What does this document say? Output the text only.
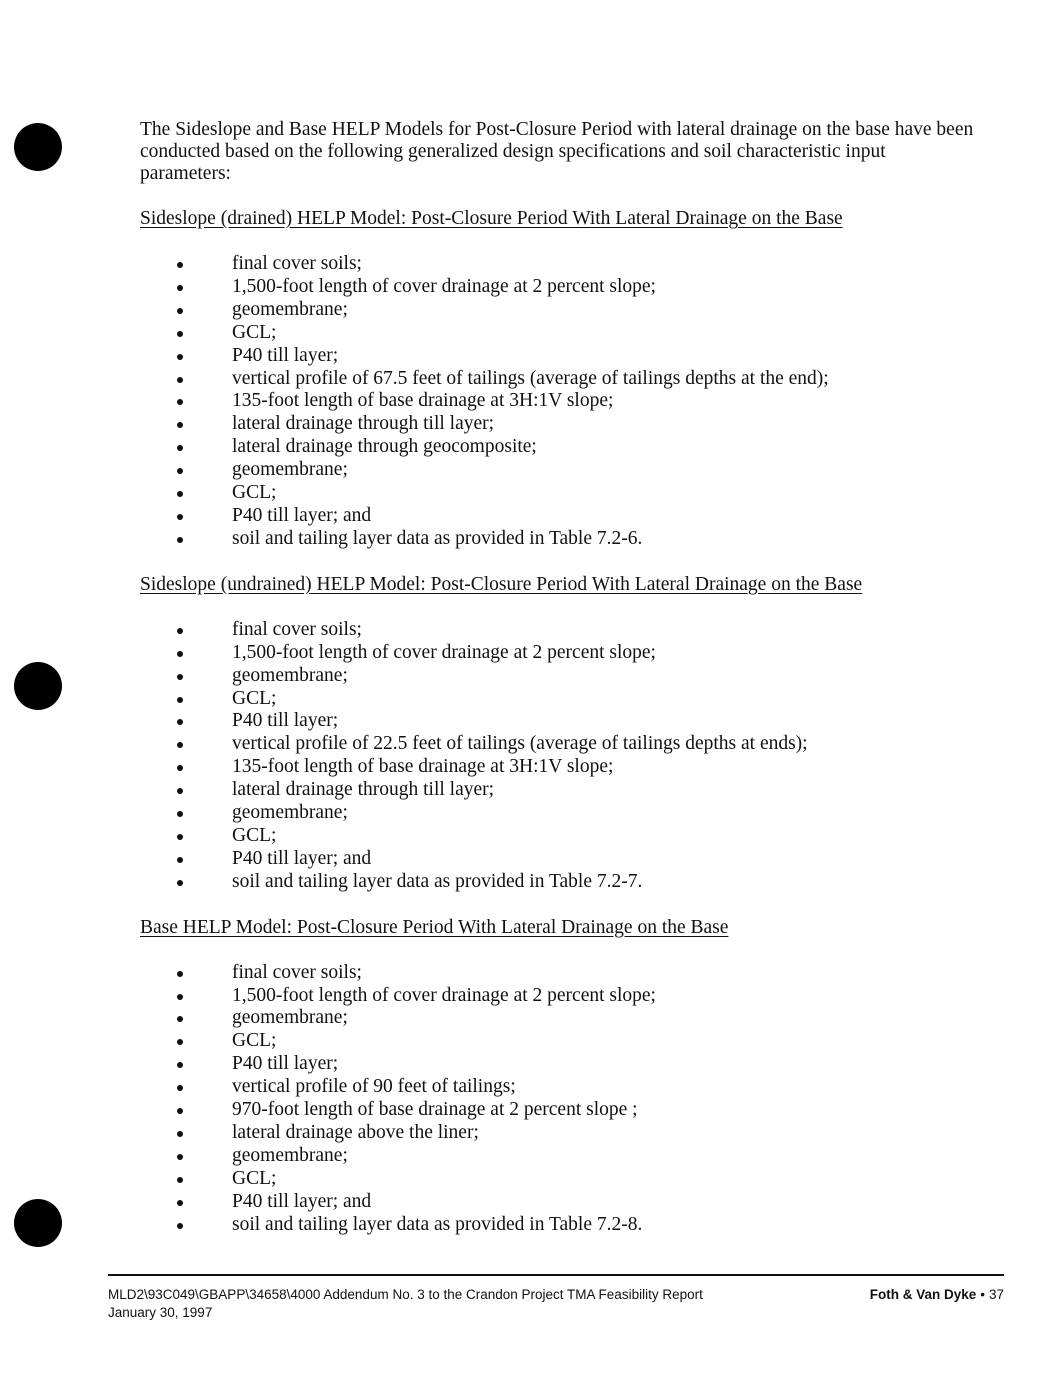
The Sideslope and Base HELP Models for Post-Closure Period with lateral drainage on the base have been conducted based on the following generalized design specifications and soil characteristic input parameters:

Sideslope (drained) HELP Model: Post-Closure Period With Lateral Drainage on the Base

final cover soils;
1,500-foot length of cover drainage at 2 percent slope;
geomembrane;
GCL;
P40 till layer;
vertical profile of 67.5 feet of tailings (average of tailings depths at the end);
135-foot length of base drainage at 3H:1V slope;
lateral drainage through till layer;
lateral drainage through geocomposite;
geomembrane;
GCL;
P40 till layer; and
soil and tailing layer data as provided in Table 7.2-6.

Sideslope (undrained) HELP Model: Post-Closure Period With Lateral Drainage on the Base

final cover soils;
1,500-foot length of cover drainage at 2 percent slope;
geomembrane;
GCL;
P40 till layer;
vertical profile of 22.5 feet of tailings (average of tailings depths at ends);
135-foot length of base drainage at 3H:1V slope;
lateral drainage through till layer;
geomembrane;
GCL;
P40 till layer; and
soil and tailing layer data as provided in Table 7.2-7.

Base HELP Model: Post-Closure Period With Lateral Drainage on the Base

final cover soils;
1,500-foot length of cover drainage at 2 percent slope;
geomembrane;
GCL;
P40 till layer;
vertical profile of 90 feet of tailings;
970-foot length of base drainage at 2 percent slope ;
lateral drainage above the liner;
geomembrane;
GCL;
P40 till layer; and
soil and tailing layer data as provided in Table 7.2-8.
MLD2\93C049\GBAPP\34658\4000 Addendum No. 3 to the Crandon Project TMA Feasibility Report
January 30, 1997
Foth & Van Dyke • 37
